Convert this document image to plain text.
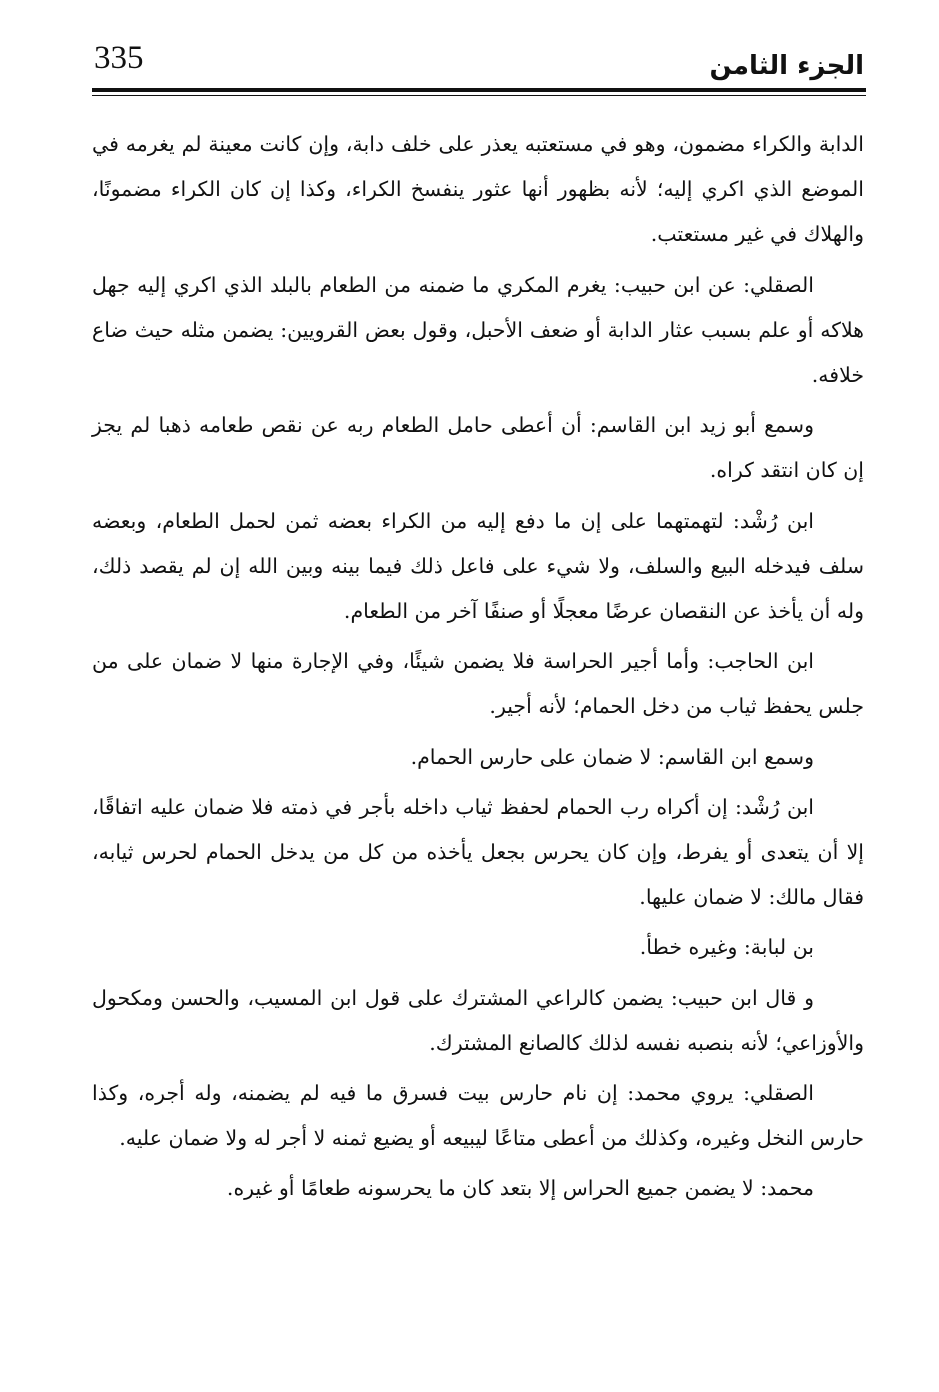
335	الجزء الثامن

الدابة والكراء مضمون، وهو في مستعتبه يعذر على خلف دابة، وإن كانت معينة لم يغرمه في الموضع الذي اكري إليه؛ لأنه بظهور أنها عثور ينفسخ الكراء، وكذا إن كان الكراء مضمونًا، والهلاك في غير مستعتب.

الصقلي: عن ابن حبيب: يغرم المكري ما ضمنه من الطعام بالبلد الذي اكري إليه جهل هلاكه أو علم بسبب عثار الدابة أو ضعف الأحبل، وقول بعض القرويين: يضمن مثله حيث ضاع خلافه.

وسمع أبو زيد ابن القاسم: أن أعطى حامل الطعام ربه عن نقص طعامه ذهبا لم يجز إن كان انتقد كراه.

ابن رُشْد: لتهمتهما على إن ما دفع إليه من الكراء بعضه ثمن لحمل الطعام، وبعضه سلف فيدخله البيع والسلف، ولا شيء على فاعل ذلك فيما بينه وبين الله إن لم يقصد ذلك، وله أن يأخذ عن النقصان عرضًا معجلًا أو صنفًا آخر من الطعام.

ابن الحاجب: وأما أجير الحراسة فلا يضمن شيئًا، وفي الإجارة منها لا ضمان على من جلس يحفظ ثياب من دخل الحمام؛ لأنه أجير.

وسمع ابن القاسم: لا ضمان على حارس الحمام.

ابن رُشْد: إن أكراه رب الحمام لحفظ ثياب داخله بأجر في ذمته فلا ضمان عليه اتفاقًا، إلا أن يتعدى أو يفرط، وإن كان يحرس بجعل يأخذه من كل من يدخل الحمام لحرس ثيابه، فقال مالك: لا ضمان عليها.

بن لبابة: وغيره خطأ.

و قال ابن حبيب: يضمن كالراعي المشترك على قول ابن المسيب، والحسن ومكحول والأوزاعي؛ لأنه بنصبه نفسه لذلك كالصانع المشترك.

الصقلي: يروي محمد: إن نام حارس بيت فسرق ما فيه لم يضمنه، وله أجره، وكذا حارس النخل وغيره، وكذلك من أعطى متاعًا ليبيعه أو يضيع ثمنه لا أجر له ولا ضمان عليه.

محمد: لا يضمن جميع الحراس إلا بتعد كان ما يحرسونه طعامًا أو غيره.
